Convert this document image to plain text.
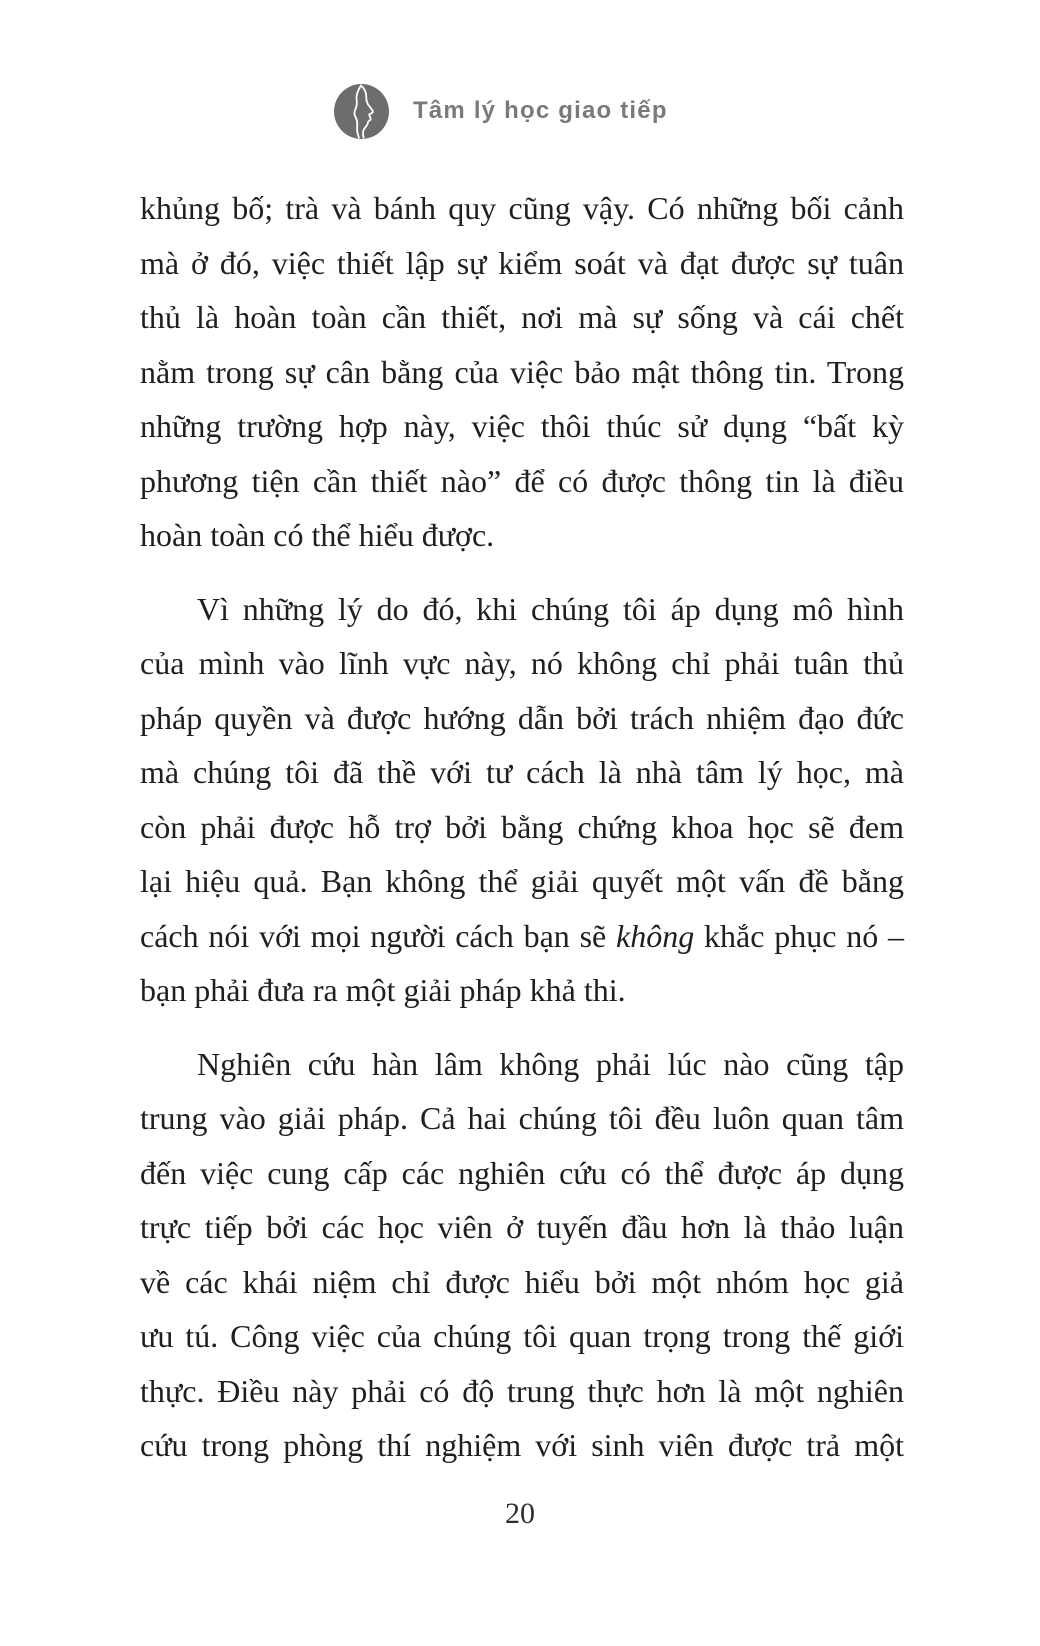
Tâm lý học giao tiếp
khủng bố; trà và bánh quy cũng vậy. Có những bối cảnh
mà ở đó, việc thiết lập sự kiểm soát và đạt được sự tuân
thủ là hoàn toàn cần thiết, nơi mà sự sống và cái chết
nằm trong sự cân bằng của việc bảo mật thông tin. Trong
những trường hợp này, việc thôi thúc sử dụng “bất kỳ
phương tiện cần thiết nào” để có được thông tin là điều
hoàn toàn có thể hiểu được.
Vì những lý do đó, khi chúng tôi áp dụng mô hình
của mình vào lĩnh vực này, nó không chỉ phải tuân thủ
pháp quyền và được hướng dẫn bởi trách nhiệm đạo đức
mà chúng tôi đã thề với tư cách là nhà tâm lý học, mà
còn phải được hỗ trợ bởi bằng chứng khoa học sẽ đem
lại hiệu quả. Bạn không thể giải quyết một vấn đề bằng
cách nói với mọi người cách bạn sẽ không khắc phục nó –
bạn phải đưa ra một giải pháp khả thi.
Nghiên cứu hàn lâm không phải lúc nào cũng tập
trung vào giải pháp. Cả hai chúng tôi đều luôn quan tâm
đến việc cung cấp các nghiên cứu có thể được áp dụng
trực tiếp bởi các học viên ở tuyến đầu hơn là thảo luận
về các khái niệm chỉ được hiểu bởi một nhóm học giả
ưu tú. Công việc của chúng tôi quan trọng trong thế giới
thực. Điều này phải có độ trung thực hơn là một nghiên
cứu trong phòng thí nghiệm với sinh viên được trả một
20
